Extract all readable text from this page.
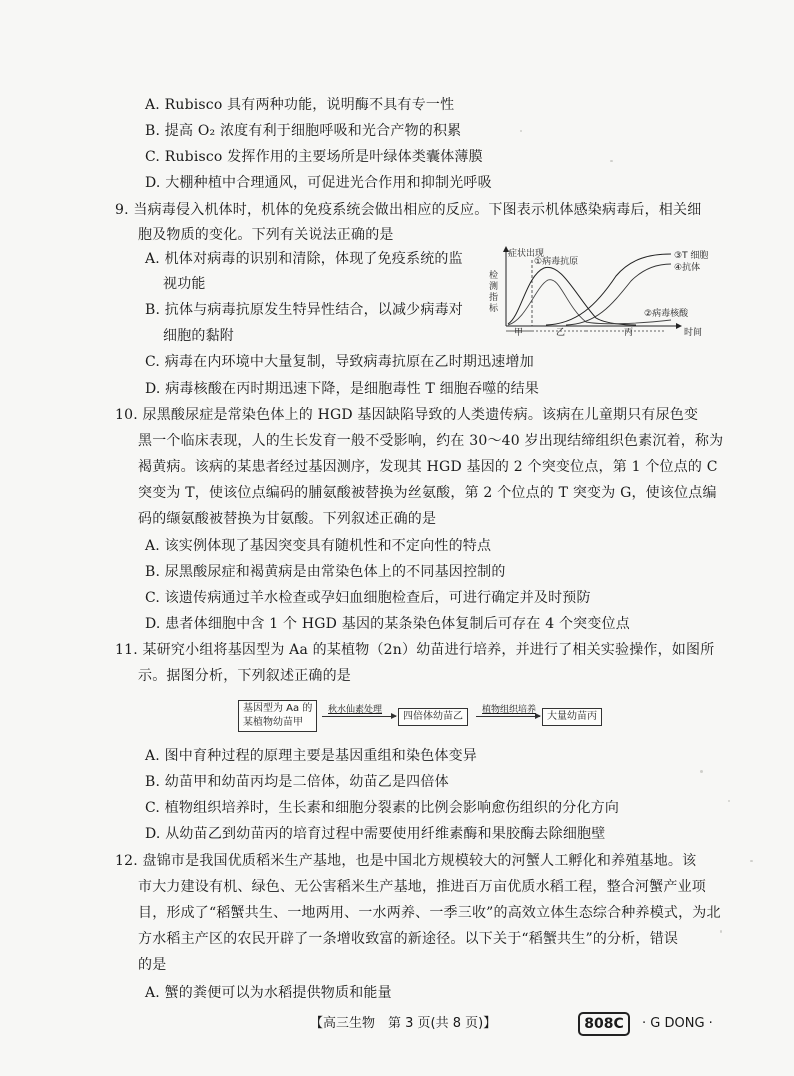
A. Rubisco 具有两种功能，说明酶不具有专一性
B. 提高 O₂ 浓度有利于细胞呼吸和光合产物的积累
C. Rubisco 发挥作用的主要场所是叶绿体类囊体薄膜
D. 大棚种植中合理通风，可促进光合作用和抑制光呼吸
9. 当病毒侵入机体时，机体的免疫系统会做出相应的反应。下图表示机体感染病毒后，相关细
胞及物质的变化。下列有关说法正确的是
A. 机体对病毒的识别和清除，体现了免疫系统的监
视功能
B. 抗体与病毒抗原发生特异性结合，以减少病毒对
细胞的黏附
C. 病毒在内环境中大量复制，导致病毒抗原在乙时期迅速增加
D. 病毒核酸在丙时期迅速下降，是细胞毒性 T 细胞吞噬的结果
症状出现
检
测
指
标
①病毒抗原
③T 细胞
④抗体
②病毒核酸
甲	乙	丙	时间
10. 尿黑酸尿症是常染色体上的 HGD 基因缺陷导致的人类遗传病。该病在儿童期只有尿色变
黑一个临床表现，人的生长发育一般不受影响，约在 30～40 岁出现结缔组织色素沉着，称为
褐黄病。该病的某患者经过基因测序，发现其 HGD 基因的 2 个突变位点，第 1 个位点的 C
突变为 T，使该位点编码的脯氨酸被替换为丝氨酸，第 2 个位点的 T 突变为 G，使该位点编
码的缬氨酸被替换为甘氨酸。下列叙述正确的是
A. 该实例体现了基因突变具有随机性和不定向性的特点
B. 尿黑酸尿症和褐黄病是由常染色体上的不同基因控制的
C. 该遗传病通过羊水检查或孕妇血细胞检查后，可进行确定并及时预防
D. 患者体细胞中含 1 个 HGD 基因的某条染色体复制后可存在 4 个突变位点
11. 某研究小组将基因型为 Aa 的某植物（2n）幼苗进行培养，并进行了相关实验操作，如图所
示。据图分析，下列叙述正确的是
基因型为 Aa 的
某植物幼苗甲
秋水仙素处理
四倍体幼苗乙
植物组织培养
大量幼苗丙
A. 图中育种过程的原理主要是基因重组和染色体变异
B. 幼苗甲和幼苗丙均是二倍体，幼苗乙是四倍体
C. 植物组织培养时，生长素和细胞分裂素的比例会影响愈伤组织的分化方向
D. 从幼苗乙到幼苗丙的培育过程中需要使用纤维素酶和果胶酶去除细胞壁
12. 盘锦市是我国优质稻米生产基地，也是中国北方规模较大的河蟹人工孵化和养殖基地。该
市大力建设有机、绿色、无公害稻米生产基地，推进百万亩优质水稻工程，整合河蟹产业项
目，形成了“稻蟹共生、一地两用、一水两养、一季三收”的高效立体生态综合种养模式，为北
方水稻主产区的农民开辟了一条增收致富的新途径。以下关于“稻蟹共生”的分析，错误
的是
A. 蟹的粪便可以为水稻提供物质和能量
【高三生物　第 3 页(共 8 页)】	808C	· G DONG ·
